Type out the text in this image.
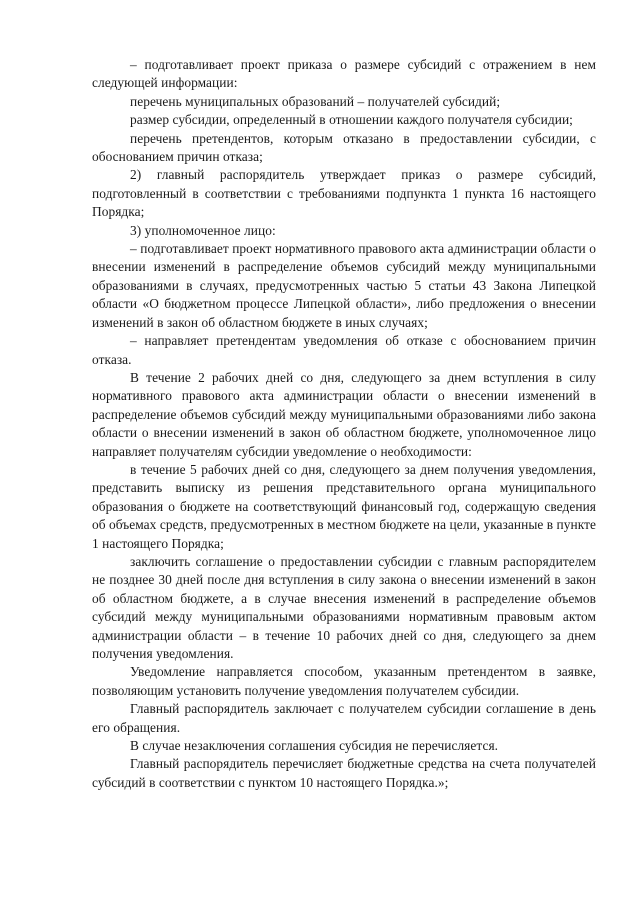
– подготавливает проект приказа о размере субсидий с отражением в нем следующей информации:

перечень муниципальных образований – получателей субсидий;

размер субсидии, определенный в отношении каждого получателя субсидии;

перечень претендентов, которым отказано в предоставлении субсидии, с обоснованием причин отказа;

2) главный распорядитель утверждает приказ о размере субсидий, подготовленный в соответствии с требованиями подпункта 1 пункта 16 настоящего Порядка;

3) уполномоченное лицо:

– подготавливает проект нормативного правового акта администрации области о внесении изменений в распределение объемов субсидий между муниципальными образованиями в случаях, предусмотренных частью 5 статьи 43 Закона Липецкой области «О бюджетном процессе Липецкой области», либо предложения о внесении изменений в закон об областном бюджете в иных случаях;

– направляет претендентам уведомления об отказе с обоснованием причин отказа.

В течение 2 рабочих дней со дня, следующего за днем вступления в силу нормативного правового акта администрации области о внесении изменений в распределение объемов субсидий между муниципальными образованиями либо закона области о внесении изменений в закон об областном бюджете, уполномоченное лицо направляет получателям субсидии уведомление о необходимости:

в течение 5 рабочих дней со дня, следующего за днем получения уведомления, представить выписку из решения представительного органа муниципального образования о бюджете на соответствующий финансовый год, содержащую сведения об объемах средств, предусмотренных в местном бюджете на цели, указанные в пункте 1 настоящего Порядка;

заключить соглашение о предоставлении субсидии с главным распорядителем не позднее 30 дней после дня вступления в силу закона о внесении изменений в закон об областном бюджете, а в случае внесения изменений в распределение объемов субсидий между муниципальными образованиями нормативным правовым актом администрации области – в течение 10 рабочих дней со дня, следующего за днем получения уведомления.

Уведомление направляется способом, указанным претендентом в заявке, позволяющим установить получение уведомления получателем субсидии.

Главный распорядитель заключает с получателем субсидии соглашение в день его обращения.

В случае незаключения соглашения субсидия не перечисляется.

Главный распорядитель перечисляет бюджетные средства на счета получателей субсидий в соответствии с пунктом 10 настоящего Порядка.»;
